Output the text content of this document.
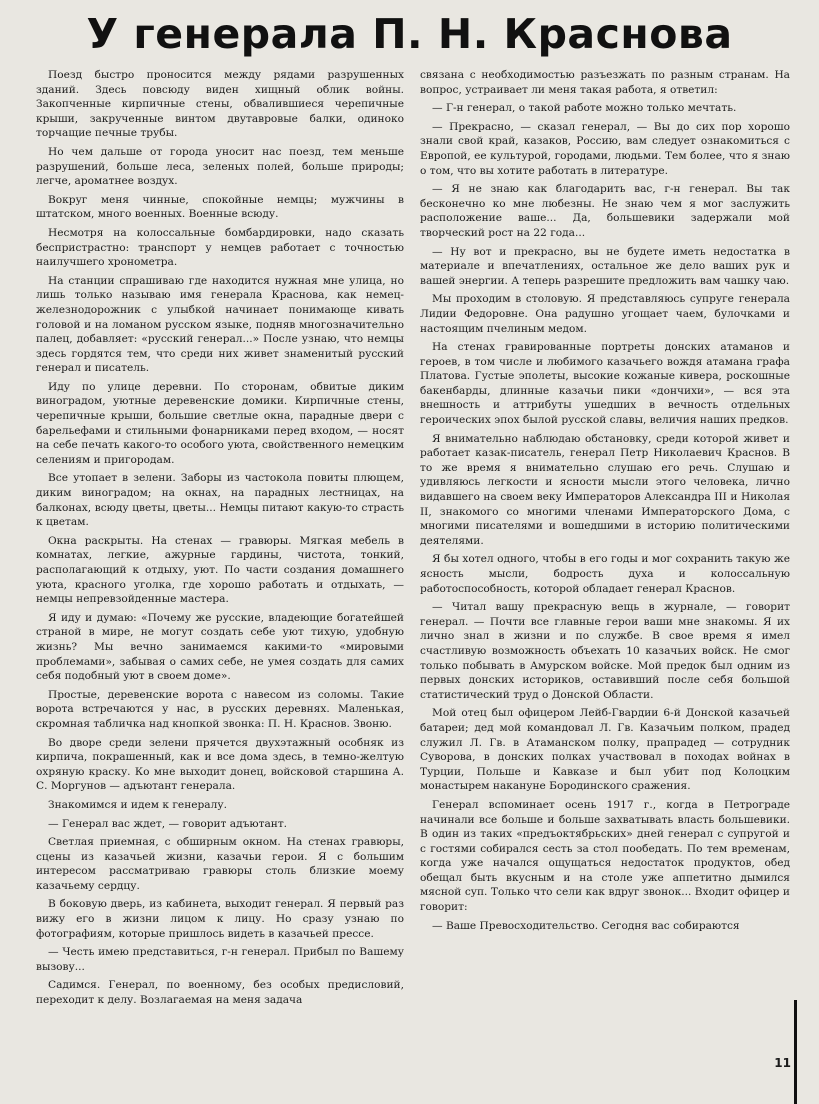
У генерала П. Н. Краснова

Поезд быстро проносится между рядами разрушенных зданий. Здесь повсюду виден хищный облик войны. Закопченные кирпичные стены, обвалившиеся черепичные крыши, закрученные винтом двутавровые балки, одиноко торчащие печные трубы.

Но чем дальше от города уносит нас поезд, тем меньше разрушений, больше леса, зеленых полей, больше природы; легче, ароматнее воздух.

Вокруг меня чинные, спокойные немцы; мужчины в штатском, много военных. Военные всюду.

Несмотря на колоссальные бомбардировки, надо сказать беспристрастно: транспорт у немцев работает с точностью наилучшего хронометра.

На станции спрашиваю где находится нужная мне улица, но лишь только называю имя генерала Краснова, как немец-железнодорожник с улыбкой начинает понимающе кивать головой и на ломаном русском языке, подняв многозначительно палец, добавляет: «русский генерал...» После узнаю, что немцы здесь гордятся тем, что среди них живет знаменитый русский генерал и писатель.

Иду по улице деревни. По сторонам, обвитые диким виноградом, уютные деревенские домики. Кирпичные стены, черепичные крыши, большие светлые окна, парадные двери с барельефами и стильными фонарниками перед входом, — носят на себе печать какого-то особого уюта, свойственного немецким селениям и пригородам.

Все утопает в зелени. Заборы из частокола повиты плющем, диким виноградом; на окнах, на парадных лестницах, на балконах, всюду цветы, цветы... Немцы питают какую-то страсть к цветам.

Окна раскрыты. На стенах — гравюры. Мягкая мебель в комнатах, легкие, ажурные гардины, чистота, тонкий, располагающий к отдыху, уют. По части создания домашнего уюта, красного уголка, где хорошо работать и отдыхать, — немцы непревзойденные мастера.

Я иду и думаю: «Почему же русские, владеющие богатейшей страной в мире, не могут создать себе уют тихую, удобную жизнь? Мы вечно занимаемся какими-то «мировыми проблемами», забывая о самих себе, не умея создать для самих себя подобный уют в своем доме».

Простые, деревенские ворота с навесом из соломы. Такие ворота встречаются у нас, в русских деревнях. Маленькая, скромная табличка над кнопкой звонка: П. Н. Краснов. Звоню.

Во дворе среди зелени прячется двухэтажный особняк из кирпича, покрашенный, как и все дома здесь, в темно-желтую охряную краску. Ко мне выходит донец, войсковой старшина А. С. Моргунов — адъютант генерала.

Знакомимся и идем к генералу.

— Генерал вас ждет, — говорит адъютант.

Светлая приемная, с обширным окном. На стенах гравюры, сцены из казачьей жизни, казачьи герои. Я с большим интересом рассматриваю гравюры столь близкие моему казачьему сердцу.

В боковую дверь, из кабинета, выходит генерал. Я первый раз вижу его в жизни лицом к лицу. Но сразу узнаю по фотографиям, которые пришлось видеть в казачьей прессе.

— Честь имею представиться, г-н генерал. Прибыл по Вашему вызову...

Садимся. Генерал, по военному, без особых предисловий, переходит к делу. Возлагаемая на меня задача

связана с необходимостью разъезжать по разным странам. На вопрос, устраивает ли меня такая работа, я ответил:

— Г-н генерал, о такой работе можно только мечтать.

— Прекрасно, — сказал генерал, — Вы до сих пор хорошо знали свой край, казаков, Россию, вам следует ознакомиться с Европой, ее культурой, городами, людьми. Тем более, что я знаю о том, что вы хотите работать в литературе.

— Я не знаю как благодарить вас, г-н генерал. Вы так бесконечно ко мне любезны. Не знаю чем я мог заслужить расположение ваше... Да, большевики задержали мой творческий рост на 22 года...

— Ну вот и прекрасно, вы не будете иметь недостатка в материале и впечатлениях, остальное же дело ваших рук и вашей энергии. А теперь разрешите предложить вам чашку чаю.

Мы проходим в столовую. Я представляюсь супруге генерала Лидии Федоровне. Она радушно угощает чаем, булочками и настоящим пчелиным медом.

На стенах гравированные портреты донских атаманов и героев, в том числе и любимого казачьего вождя атамана графа Платова. Густые эполеты, высокие кожаные кивера, роскошные бакенбарды, длинные казачьи пики «дончихи», — вся эта внешность и аттрибуты ушедших в вечность отдельных героических эпох былой русской славы, величия наших предков.

Я внимательно наблюдаю обстановку, среди которой живет и работает казак-писатель, генерал Петр Николаевич Краснов. В то же время я внимательно слушаю его речь. Слушаю и удивляюсь легкости и ясности мысли этого человека, лично видавшего на своем веку Императоров Александра III и Николая II, знакомого со многими членами Императорского Дома, с многими писателями и вошедшими в историю политическими деятелями.

Я бы хотел одного, чтобы в его годы и мог сохранить такую же ясность мысли, бодрость духа и колоссальную работоспособность, которой обладает генерал Краснов.

— Читал вашу прекрасную вещь в журнале, — говорит генерал. — Почти все главные герои ваши мне знакомы. Я их лично знал в жизни и по службе. В свое время я имел счастливую возможность объехать 10 казачьих войск. Не смог только побывать в Амурском войске. Мой предок был одним из первых донских историков, оставивший после себя большой статистический труд о Донской Области.

Мой отец был офицером Лейб-Гвардии 6-й Донской казачьей батареи; дед мой командовал Л. Гв. Казачьим полком, прадед служил Л. Гв. в Атаманском полку, прапрадед — сотрудник Суворова, в донских полках участвовал в походах войнах в Турции, Польше и Кавказе и был убит под Колоцким монастырем накануне Бородинского сражения.

Генерал вспоминает осень 1917 г., когда в Петрограде начинали все больше и больше захватывать власть большевики. В один из таких «предъоктябрьских» дней генерал с супругой и с гостями собирался сесть за стол пообедать. По тем временам, когда уже начался ощущаться недостаток продуктов, обед обещал быть вкусным и на столе уже аппетитно дымился мясной суп. Только что сели как вдруг звонок... Входит офицер и говорит:

— Ваше Превосходительство. Сегодня вас собираются

11
